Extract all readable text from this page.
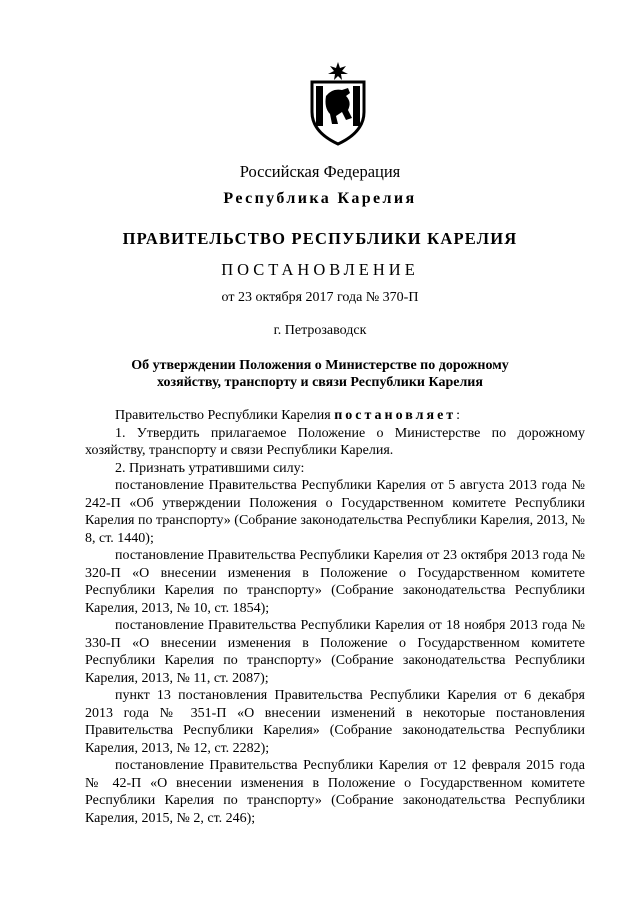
Российская Федерация
Республика Карелия
ПРАВИТЕЛЬСТВО РЕСПУБЛИКИ КАРЕЛИЯ
ПОСТАНОВЛЕНИЕ
от 23 октября 2017 года № 370-П
г. Петрозаводск
Об утверждении Положения о Министерстве по дорожному хозяйству, транспорту и связи Республики Карелия

Правительство Республики Карелия постановляет:

1. Утвердить прилагаемое Положение о Министерстве по дорожному хозяйству, транспорту и связи Республики Карелия.

2. Признать утратившими силу:

постановление Правительства Республики Карелия от 5 августа 2013 года № 242-П «Об утверждении Положения о Государственном комитете Республики Карелия по транспорту» (Собрание законодательства Республики Карелия, 2013, № 8, ст. 1440);

постановление Правительства Республики Карелия от 23 октября 2013 года № 320-П «О внесении изменения в Положение о Государственном комитете Республики Карелия по транспорту» (Собрание законодательства Республики Карелия, 2013, № 10, ст. 1854);

постановление Правительства Республики Карелия от 18 ноября 2013 года № 330-П «О внесении изменения в Положение о Государственном комитете Республики Карелия по транспорту» (Собрание законодательства Республики Карелия, 2013, № 11, ст. 2087);

пункт 13 постановления Правительства Республики Карелия от 6 декабря 2013 года № 351-П «О внесении изменений в некоторые постановления Правительства Республики Карелия» (Собрание законодательства Республики Карелия, 2013, № 12, ст. 2282);

постановление Правительства Республики Карелия от 12 февраля 2015 года № 42-П «О внесении изменения в Положение о Государственном комитете Республики Карелия по транспорту» (Собрание законодательства Республики Карелия, 2015, № 2, ст. 246);
